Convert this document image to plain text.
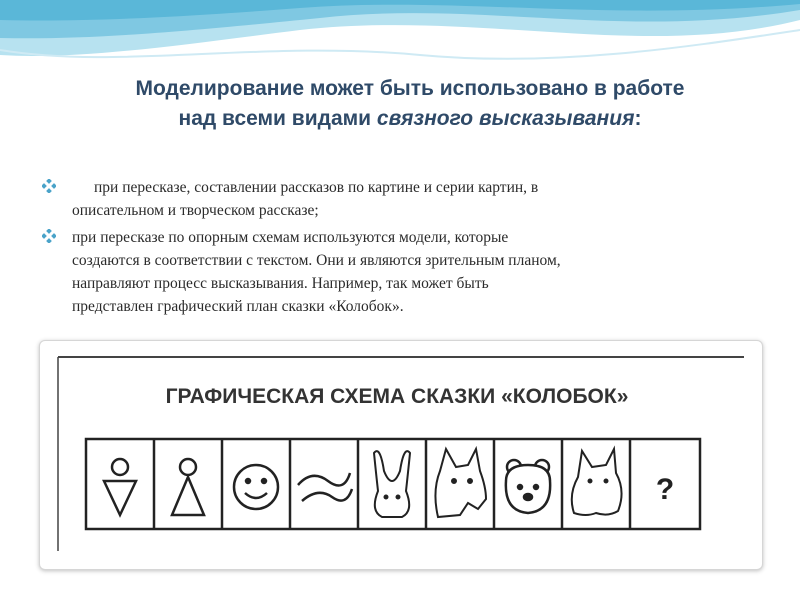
Моделирование может быть использовано в работе
над всеми видами связного высказывания:
при пересказе, составлении рассказов по картине и серии картин, в
описательном и творческом рассказе;
при пересказе по опорным схемам используются модели, которые
создаются в соответствии с текстом. Они и являются зрительным планом,
направляют процесс высказывания. Например, так может быть
представлен графический план сказки «Колобок».
ГРАФИЧЕСКАЯ СХЕМА СКАЗКИ «КОЛОБОК»
?
